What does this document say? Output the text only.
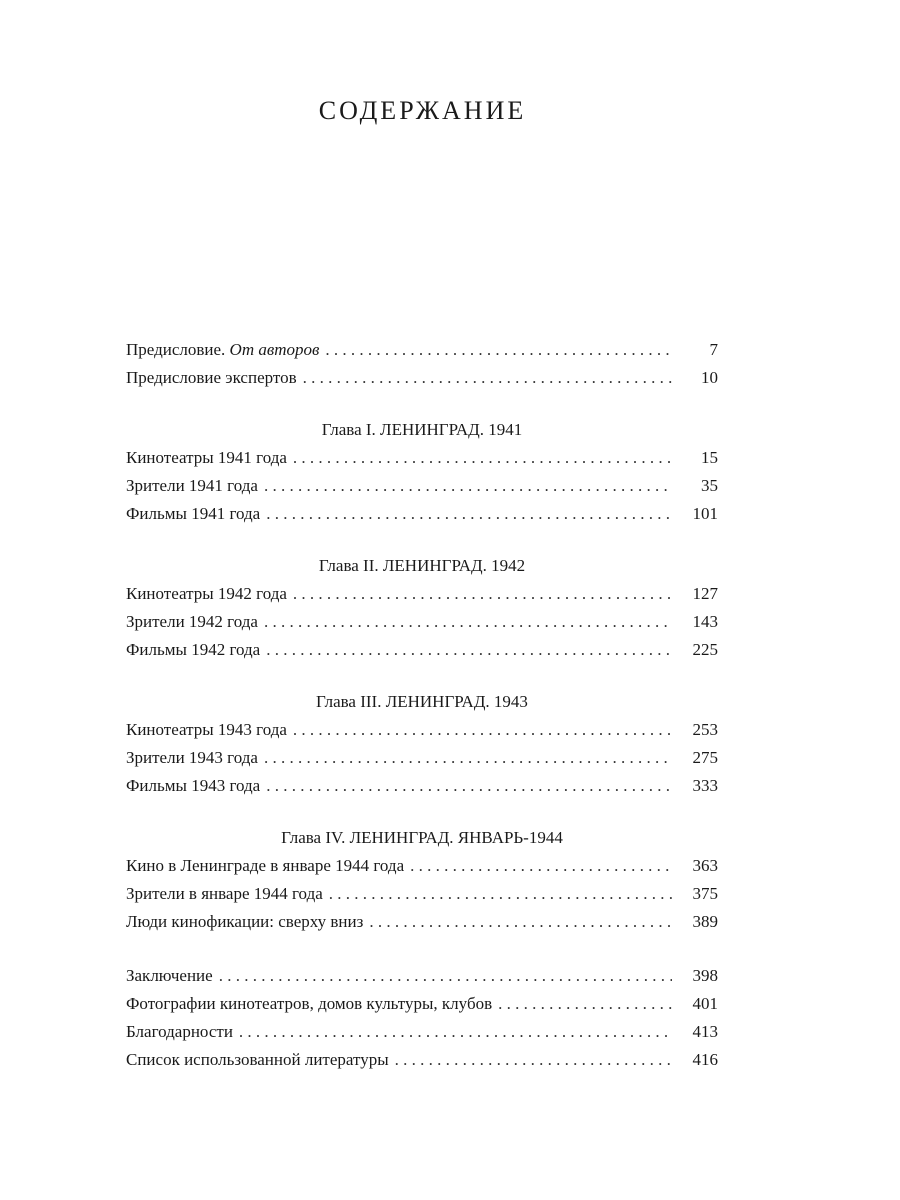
СОДЕРЖАНИЕ
Предисловие. От авторов . . .	7
Предисловие экспертов . . .	10
Глава I. ЛЕНИНГРАД. 1941
Кинотеатры 1941 года . . .	15
Зрители 1941 года . . .	35
Фильмы 1941 года . . .	101
Глава II. ЛЕНИНГРАД. 1942
Кинотеатры 1942 года . . .	127
Зрители 1942 года . . .	143
Фильмы 1942 года . . .	225
Глава III. ЛЕНИНГРАД. 1943
Кинотеатры 1943 года . . .	253
Зрители 1943 года . . .	275
Фильмы 1943 года . . .	333
Глава IV. ЛЕНИНГРАД. ЯНВАРЬ-1944
Кино в Ленинграде в январе 1944 года . . .	363
Зрители в январе 1944 года . . .	375
Люди кинофикации: сверху вниз . . .	389
Заключение . . .	398
Фотографии кинотеатров, домов культуры, клубов . . .	401
Благодарности . . .	413
Список использованной литературы . . .	416
